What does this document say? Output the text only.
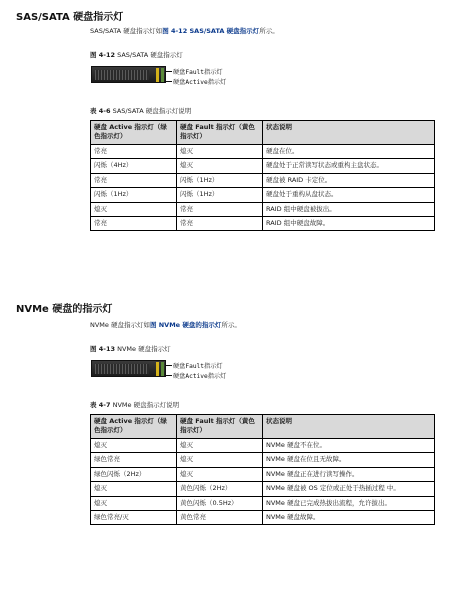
SAS/SATA 硬盘指示灯
SAS/SATA 硬盘指示灯如图 4-12 SAS/SATA 硬盘指示灯所示。
图 4-12 SAS/SATA 硬盘指示灯
硬盘Fault指示灯
硬盘Active指示灯
表 4-6 SAS/SATA 硬盘指示灯说明
硬盘 Active 指示灯（绿色指示灯）	硬盘 Fault 指示灯（黄色指示灯）	状态说明
常亮	熄灭	硬盘在位。
闪烁（4Hz）	熄灭	硬盘处于正常读写状态或重构主盘状态。
常亮	闪烁（1Hz）	硬盘被 RAID 卡定位。
闪烁（1Hz）	闪烁（1Hz）	硬盘处于重构从盘状态。
熄灭	常亮	RAID 组中硬盘被拔出。
常亮	常亮	RAID 组中硬盘故障。
NVMe 硬盘的指示灯
NVMe 硬盘指示灯如图 NVMe 硬盘的指示灯所示。
图 4-13 NVMe 硬盘指示灯
硬盘Fault指示灯
硬盘Active指示灯
表 4-7 NVMe 硬盘指示灯说明
硬盘 Active 指示灯（绿色指示灯）	硬盘 Fault 指示灯（黄色指示灯）	状态说明
熄灭	熄灭	NVMe 硬盘不在位。
绿色常亮	熄灭	NVMe 硬盘在位且无故障。
绿色闪烁（2Hz）	熄灭	NVMe 硬盘正在进行读写操作。
熄灭	黄色闪烁（2Hz）	NVMe 硬盘被 OS 定位或正处于热插过程 中。
熄灭	黄色闪烁（0.5Hz）	NVMe 硬盘已完成热拔出流程，允许拔出。
绿色常亮/灭	黄色常亮	NVMe 硬盘故障。
